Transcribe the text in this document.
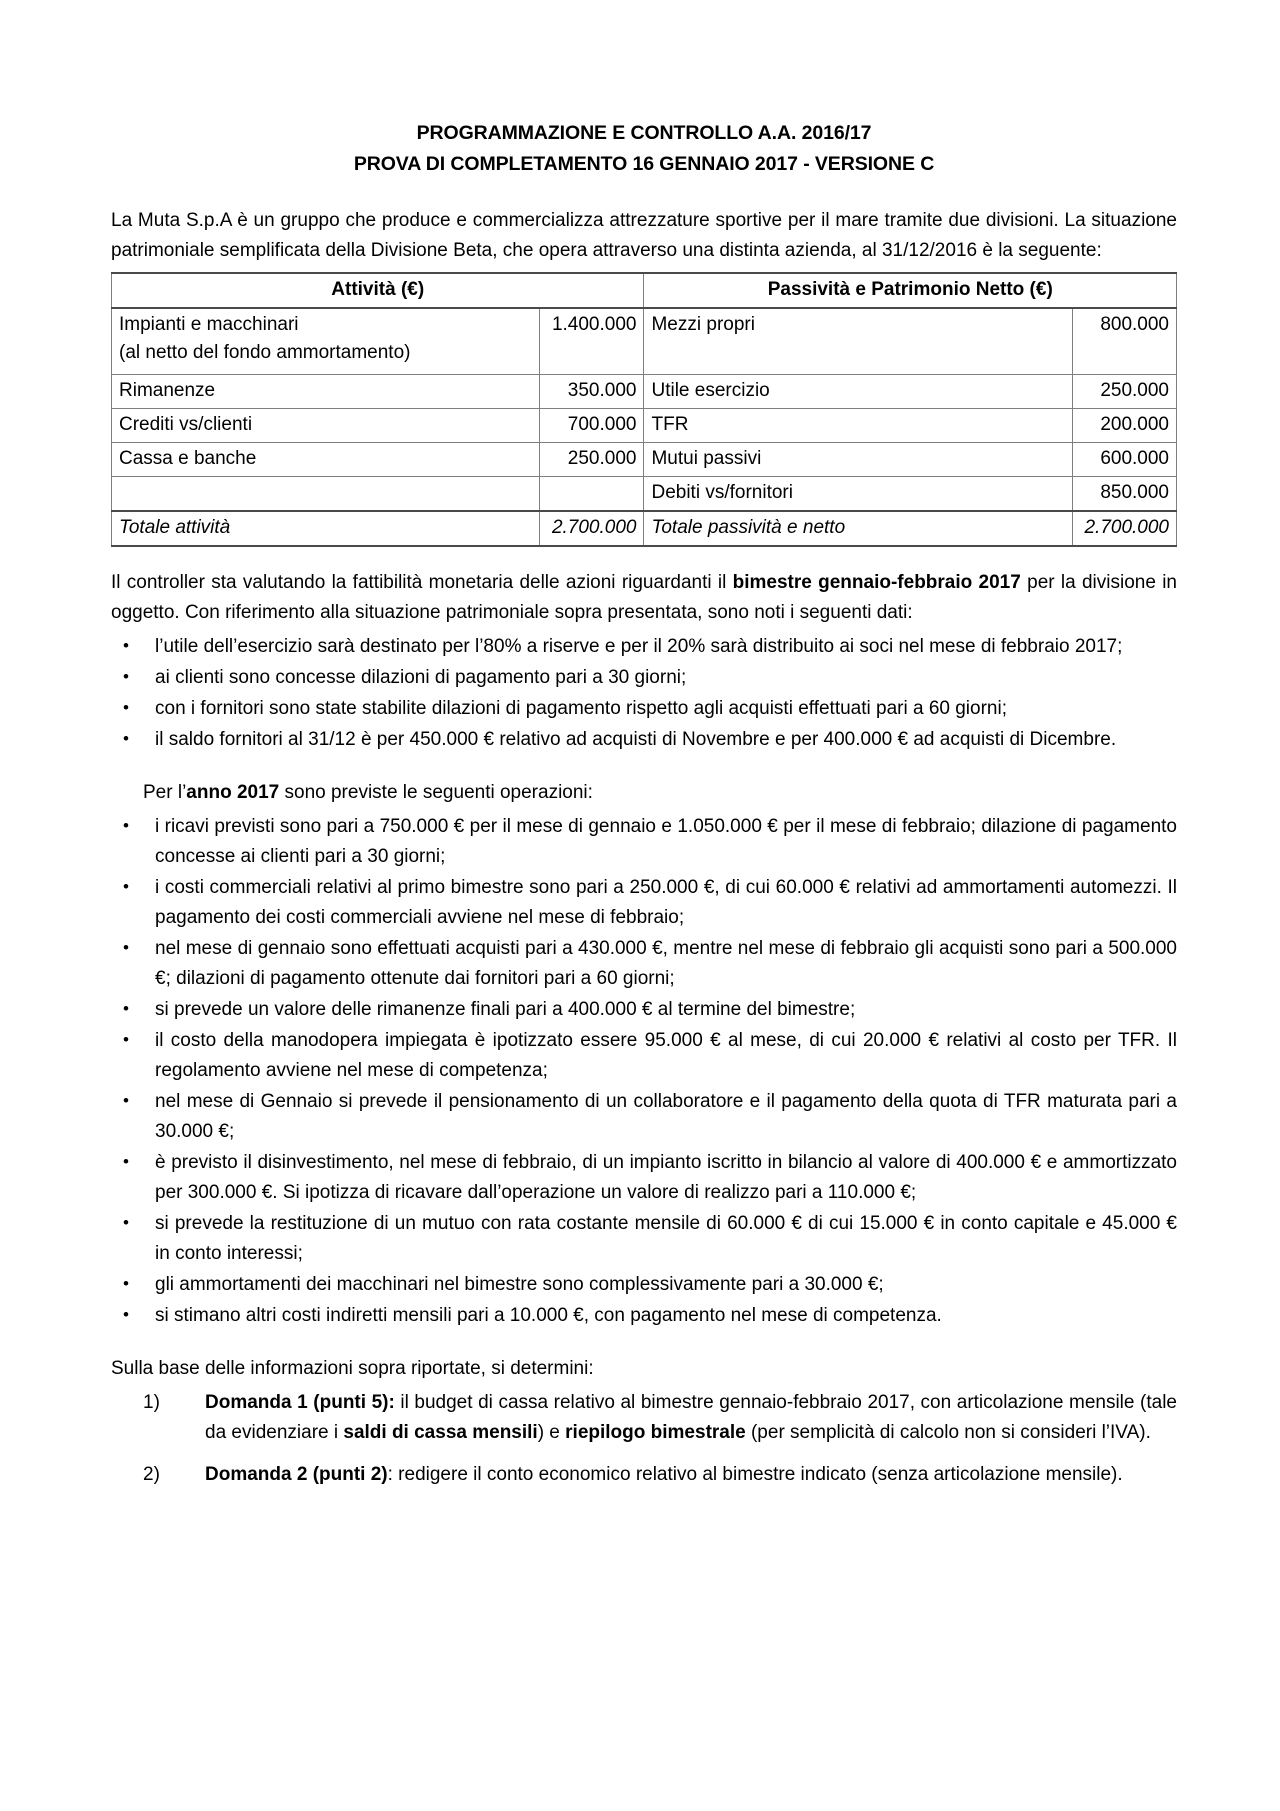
PROGRAMMAZIONE E CONTROLLO A.A. 2016/17
PROVA DI COMPLETAMENTO 16 GENNAIO 2017 - VERSIONE C

La Muta S.p.A è un gruppo che produce e commercializza attrezzature sportive per il mare tramite due divisioni. La situazione patrimoniale semplificata della Divisione Beta, che opera attraverso una distinta azienda, al 31/12/2016 è la seguente:

Attività (€)		Passività e Patrimonio Netto (€)	
Impianti e macchinari
(al netto del fondo ammortamento)	1.400.000	Mezzi propri	800.000
Rimanenze	350.000	Utile esercizio	250.000
Crediti vs/clienti	700.000	TFR	200.000
Cassa e banche	250.000	Mutui passivi	600.000
		Debiti vs/fornitori	850.000
Totale attività	2.700.000	Totale passività e netto	2.700.000

Il controller sta valutando la fattibilità monetaria delle azioni riguardanti il bimestre gennaio-febbraio 2017 per la divisione in oggetto. Con riferimento alla situazione patrimoniale sopra presentata, sono noti i seguenti dati:

• l’utile dell’esercizio sarà destinato per l’80% a riserve e per il 20% sarà distribuito ai soci nel mese di febbraio 2017;
• ai clienti sono concesse dilazioni di pagamento pari a 30 giorni;
• con i fornitori sono state stabilite dilazioni di pagamento rispetto agli acquisti effettuati pari a 60 giorni;
• il saldo fornitori al 31/12 è per 450.000 € relativo ad acquisti di Novembre e per 400.000 € ad acquisti di Dicembre.

Per l’anno 2017 sono previste le seguenti operazioni:

• i ricavi previsti sono pari a 750.000 € per il mese di gennaio e 1.050.000 € per il mese di febbraio; dilazione di pagamento concesse ai clienti pari a 30 giorni;
• i costi commerciali relativi al primo bimestre sono pari a 250.000 €, di cui 60.000 € relativi ad ammortamenti automezzi. Il pagamento dei costi commerciali avviene nel mese di febbraio;
• nel mese di gennaio sono effettuati acquisti pari a 430.000 €, mentre nel mese di febbraio gli acquisti sono pari a 500.000 €; dilazioni di pagamento ottenute dai fornitori pari a 60 giorni;
• si prevede un valore delle rimanenze finali pari a 400.000 € al termine del bimestre;
• il costo della manodopera impiegata è ipotizzato essere 95.000 € al mese, di cui 20.000 € relativi al costo per TFR. Il regolamento avviene nel mese di competenza;
• nel mese di Gennaio si prevede il pensionamento di un collaboratore e il pagamento della quota di TFR maturata pari a 30.000 €;
• è previsto il disinvestimento, nel mese di febbraio, di un impianto iscritto in bilancio al valore di 400.000 € e ammortizzato per 300.000 €. Si ipotizza di ricavare dall’operazione un valore di realizzo pari a 110.000 €;
• si prevede la restituzione di un mutuo con rata costante mensile di 60.000 € di cui 15.000 € in conto capitale e 45.000 € in conto interessi;
• gli ammortamenti dei macchinari nel bimestre sono complessivamente pari a 30.000 €;
• si stimano altri costi indiretti mensili pari a 10.000 €, con pagamento nel mese di competenza.

Sulla base delle informazioni sopra riportate, si determini:

1)	Domanda 1 (punti 5): il budget di cassa relativo al bimestre gennaio-febbraio 2017, con articolazione mensile (tale da evidenziare i saldi di cassa mensili) e riepilogo bimestrale (per semplicità di calcolo non si consideri l’IVA).
2)	Domanda 2 (punti 2): redigere il conto economico relativo al bimestre indicato (senza articolazione mensile).
